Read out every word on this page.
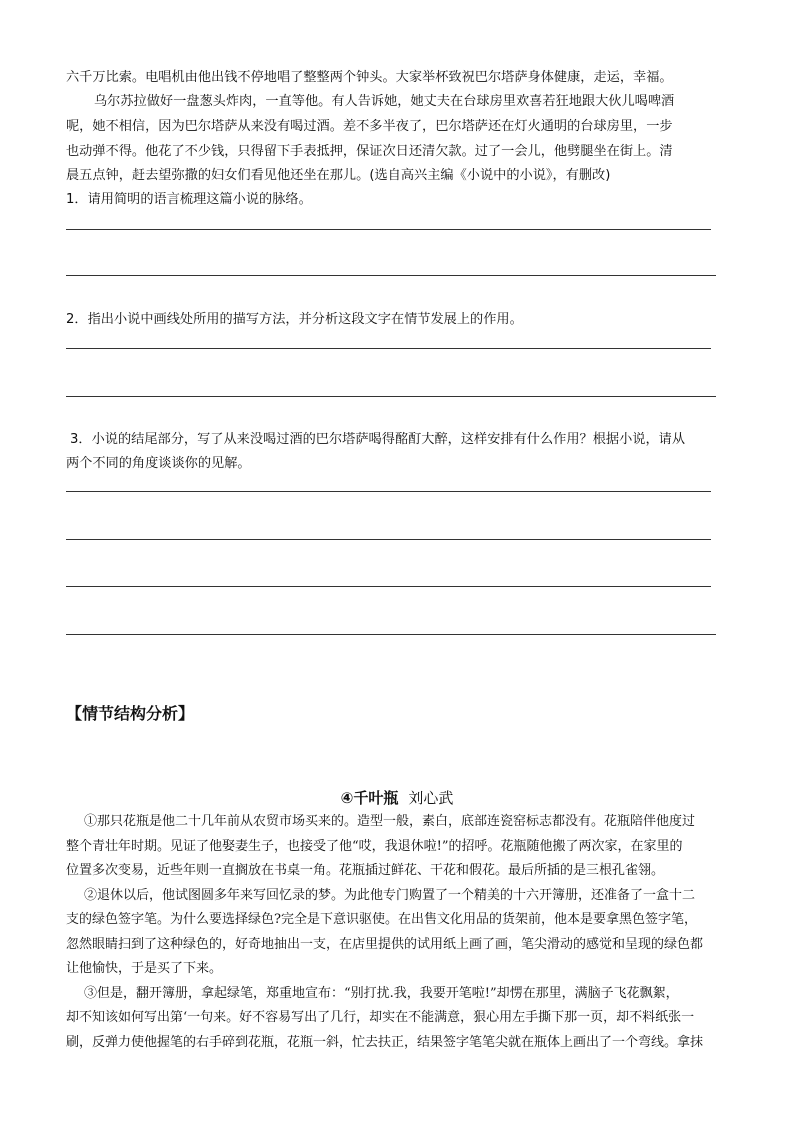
六千万比索。电唱机由他出钱不停地唱了整整两个钟头。大家举杯致祝巴尔塔萨身体健康，走运，幸福。
乌尔苏拉做好一盘葱头炸肉，一直等他。有人告诉她，她丈夫在台球房里欢喜若狂地跟大伙儿喝啤酒
呢，她不相信，因为巴尔塔萨从来没有喝过酒。差不多半夜了，巴尔塔萨还在灯火通明的台球房里，一步
也动弹不得。他花了不少钱，只得留下手表抵押，保证次日还清欠款。过了一会儿，他劈腿坐在街上。清
晨五点钟，赶去望弥撒的妇女们看见他还坐在那儿。(选自高兴主编《小说中的小说》，有删改)
1．请用简明的语言梳理这篇小说的脉络。
2．指出小说中画线处所用的描写方法，并分析这段文字在情节发展上的作用。
3．小说的结尾部分，写了从来没喝过酒的巴尔塔萨喝得酩酊大醉，这样安排有什么作用？根据小说，请从
两个不同的角度谈谈你的见解。
【情节结构分析】
④千叶瓶 刘心武
①那只花瓶是他二十几年前从农贸市场买来的。造型一般，素白，底部连瓷窑标志都没有。花瓶陪伴他度过
整个青壮年时期。见证了他娶妻生子，也接受了他“哎，我退休啦!”的招呼。花瓶随他搬了两次家，在家里的
位置多次变易，近些年则一直搁放在书桌一角。花瓶插过鲜花、干花和假花。最后所插的是三根孔雀翎。
②退休以后，他试图圆多年来写回忆录的梦。为此他专门购置了一个精美的十六开簿册，还准备了一盒十二
支的绿色签字笔。为什么要选择绿色?完全是下意识驱使。在出售文化用品的货架前，他本是要拿黑色签字笔，
忽然眼睛扫到了这种绿色的，好奇地抽出一支，在店里提供的试用纸上画了画，笔尖滑动的感觉和呈现的绿色都
让他愉快，于是买了下来。
③但是，翻开簿册，拿起绿笔，郑重地宣布：“别打扰.我，我要开笔啦!”却愣在那里，满脑子飞花飘絮，
却不知该如何写出第‘一句来。好不容易写出了几行，却实在不能满意，狠心用左手撕下那一页，却不料纸张一
刷，反弹力使他握笔的右手碎到花瓶，花瓶一斜，忙去扶正，结果签字笔笔尖就在瓶体上画出了一个弯线。拿抹
